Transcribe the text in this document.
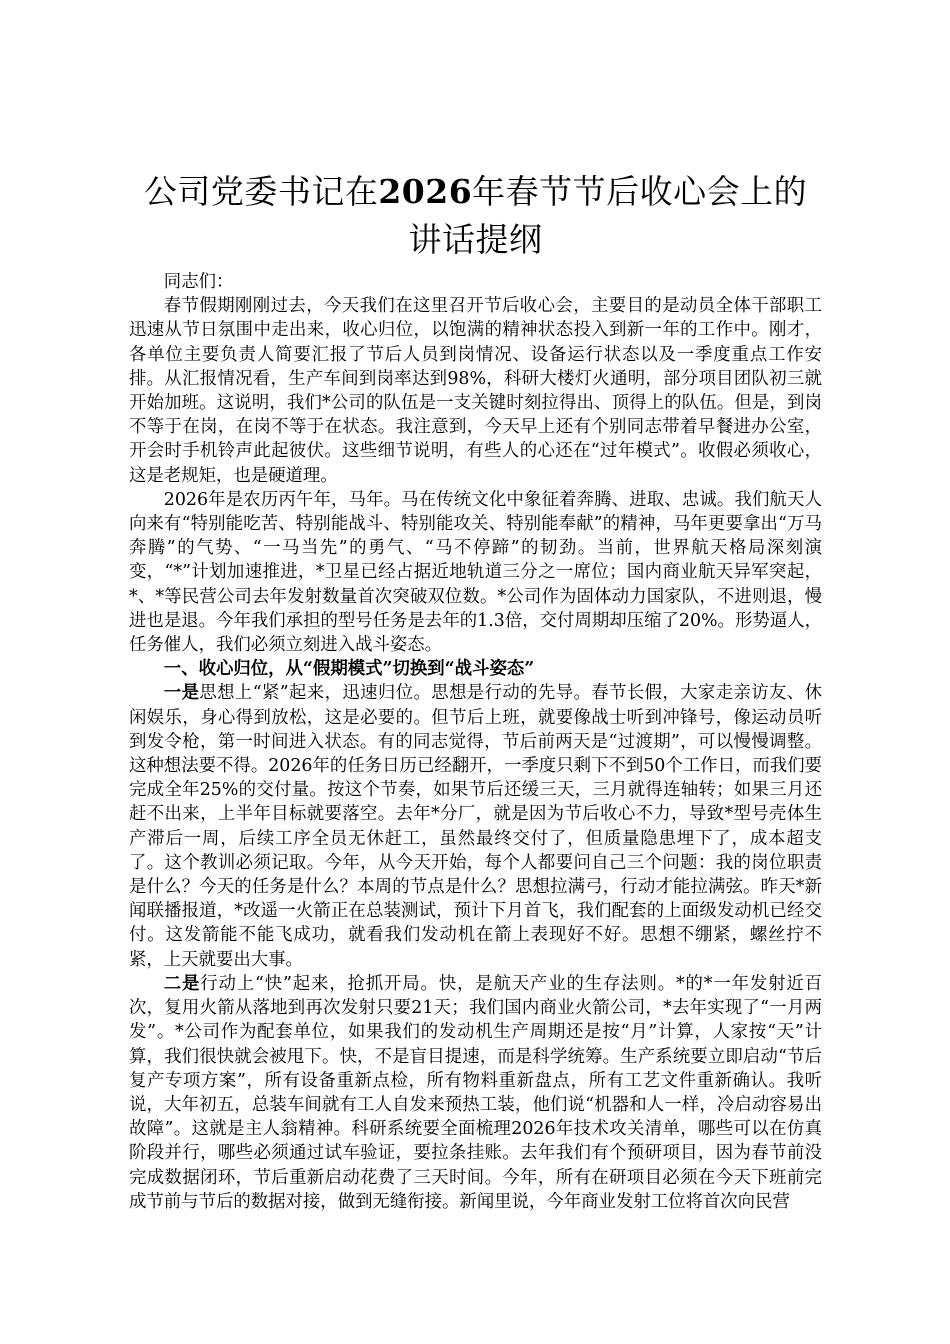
公司党委书记在2026年春节节后收心会上的
讲话提纲

同志们：

春节假期刚刚过去，今天我们在这里召开节后收心会，主要目的是动员全体干部职工迅速从节日氛围中走出来，收心归位，以饱满的精神状态投入到新一年的工作中。刚才，各单位主要负责人简要汇报了节后人员到岗情况、设备运行状态以及一季度重点工作安排。从汇报情况看，生产车间到岗率达到98%，科研大楼灯火通明，部分项目团队初三就开始加班。这说明，我们*公司的队伍是一支关键时刻拉得出、顶得上的队伍。但是，到岗不等于在岗，在岗不等于在状态。我注意到，今天早上还有个别同志带着早餐进办公室，开会时手机铃声此起彼伏。这些细节说明，有些人的心还在“过年模式”。收假必须收心，这是老规矩，也是硬道理。

2026年是农历丙午年，马年。马在传统文化中象征着奔腾、进取、忠诚。我们航天人向来有“特别能吃苦、特别能战斗、特别能攻关、特别能奉献”的精神，马年更要拿出“万马奔腾”的气势、“一马当先”的勇气、“马不停蹄”的韧劲。当前，世界航天格局深刻演变，“*”计划加速推进，*卫星已经占据近地轨道三分之一席位；国内商业航天异军突起，*、*等民营公司去年发射数量首次突破双位数。*公司作为固体动力国家队，不进则退，慢进也是退。今年我们承担的型号任务是去年的1.3倍，交付周期却压缩了20%。形势逼人，任务催人，我们必须立刻进入战斗姿态。

一、收心归位，从“假期模式”切换到“战斗姿态”

一是思想上“紧”起来，迅速归位。思想是行动的先导。春节长假，大家走亲访友、休闲娱乐，身心得到放松，这是必要的。但节后上班，就要像战士听到冲锋号，像运动员听到发令枪，第一时间进入状态。有的同志觉得，节后前两天是“过渡期”，可以慢慢调整。这种想法要不得。2026年的任务日历已经翻开，一季度只剩下不到50个工作日，而我们要完成全年25%的交付量。按这个节奏，如果节后还缓三天，三月就得连轴转；如果三月还赶不出来，上半年目标就要落空。去年*分厂，就是因为节后收心不力，导致*型号壳体生产滞后一周，后续工序全员无休赶工，虽然最终交付了，但质量隐患埋下了，成本超支了。这个教训必须记取。今年，从今天开始，每个人都要问自己三个问题：我的岗位职责是什么？今天的任务是什么？本周的节点是什么？思想拉满弓，行动才能拉满弦。昨天*新闻联播报道，*改遥一火箭正在总装测试，预计下月首飞，我们配套的上面级发动机已经交付。这发箭能不能飞成功，就看我们发动机在箭上表现好不好。思想不绷紧，螺丝拧不紧，上天就要出大事。

二是行动上“快”起来，抢抓开局。快，是航天产业的生存法则。*的*一年发射近百次，复用火箭从落地到再次发射只要21天；我们国内商业火箭公司，*去年实现了“一月两发”。*公司作为配套单位，如果我们的发动机生产周期还是按“月”计算，人家按“天”计算，我们很快就会被甩下。快，不是盲目提速，而是科学统筹。生产系统要立即启动“节后复产专项方案”，所有设备重新点检，所有物料重新盘点，所有工艺文件重新确认。我听说，大年初五，总装车间就有工人自发来预热工装，他们说“机器和人一样，冷启动容易出故障”。这就是主人翁精神。科研系统要全面梳理2026年技术攻关清单，哪些可以在仿真阶段并行，哪些必须通过试车验证，要拉条挂账。去年我们有个预研项目，因为春节前没完成数据闭环，节后重新启动花费了三天时间。今年，所有在研项目必须在今天下班前完成节前与节后的数据对接，做到无缝衔接。新闻里说，今年商业发射工位将首次向民营
